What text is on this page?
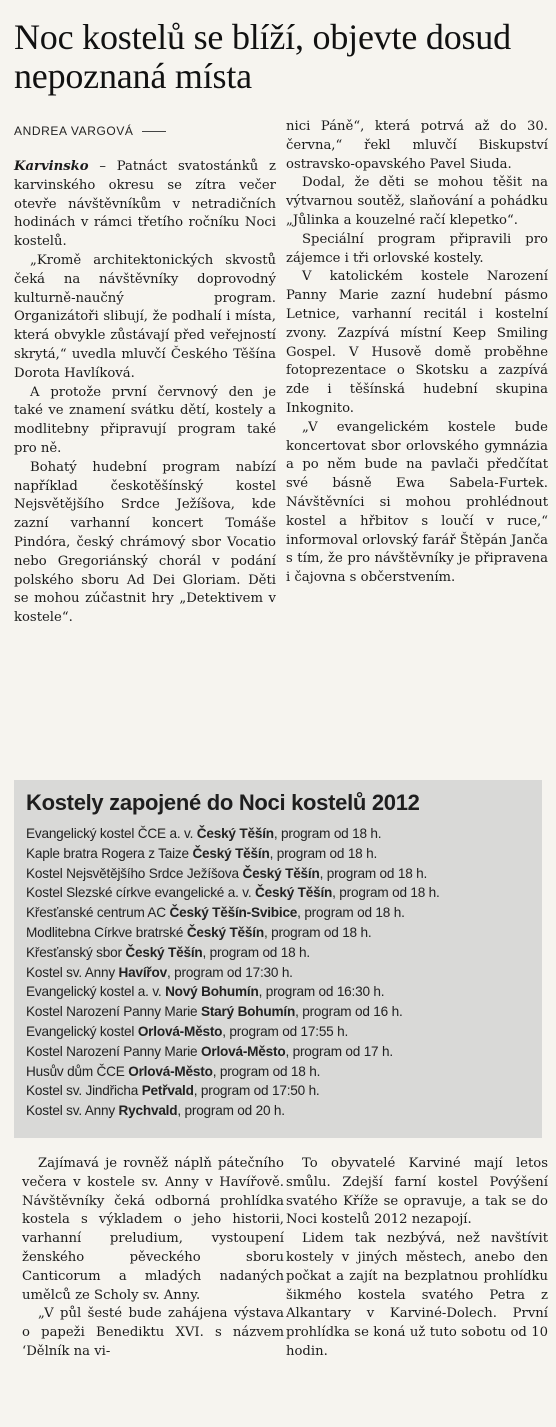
Noc kostelů se blíží, objevte dosud nepoznaná místa
ANDREA VARGOVÁ

Karvinsko – Patnáct svatostánků z karvinského okresu se zítra večer otevře návštěvníkům v netradičních hodinách v rámci třetího ročníku Noci kostelů.

„Kromě architektonických skvostů čeká na návštěvníky doprovodný kulturně-naučný program. Organizátoři slibují, že podhalí i místa, která obvykle zůstávají před veřejností skrytá,“ uvedla mluvčí Českého Těšína Dorota Havlíková.

A protože první červnový den je také ve znamení svátku dětí, kostely a modlitebny připravují program také pro ně.

Bohatý hudební program nabízí například českotěšínský kostel Nejsvětějšího Srdce Ježíšova, kde zazní varhanní koncert Tomáše Pindóra, český chrámový sbor Vocatio nebo Gregoriánský chorál v podání polského sboru Ad Dei Gloriam. Děti se mohou zúčastnit hry „Detektivem v kostele“.

nici Páně“, která potrvá až do 30. června,“ řekl mluvčí Biskupství ostravsko-opavského Pavel Siuda.

Dodal, že děti se mohou těšit na výtvarnou soutěž, slaňování a pohádku „Jůlinka a kouzelné račí klepetko“.

Speciální program připravili pro zájemce i tři orlovské kostely.

V katolickém kostele Narození Panny Marie zazní hudební pásmo Letnice, varhanní recitál i kostelní zvony. Zazpívá místní Keep Smiling Gospel. V Husově domě proběhne fotoprezentace o Skotsku a zazpívá zde i těšínská hudební skupina Inkognito.

„V evangelickém kostele bude koncertovat sbor orlovského gymnázia a po něm bude na pavlači předčítat své básně Ewa Sabela-Furtek. Návštěvníci si mohou prohlédnout kostel a hřbitov s loučí v ruce,“ informoval orlovský farář Štěpán Janča s tím, že pro návštěvníky je připravena i čajovna s občerstvením.

Kostely zapojené do Noci kostelů 2012
Evangelický kostel ČCE a. v. Český Těšín, program od 18 h.
Kaple bratra Rogera z Taize Český Těšín, program od 18 h.
Kostel Nejsvětějšího Srdce Ježíšova Český Těšín, program od 18 h.
Kostel Slezské církve evangelické a. v. Český Těšín, program od 18 h.
Křesťanské centrum AC Český Těšín-Svibice, program od 18 h.
Modlitebna Církve bratrské Český Těšín, program od 18 h.
Křesťanský sbor Český Těšín, program od 18 h.
Kostel sv. Anny Havířov, program od 17:30 h.
Evangelický kostel a. v. Nový Bohumín, program od 16:30 h.
Kostel Narození Panny Marie Starý Bohumín, program od 16 h.
Evangelický kostel Orlová-Město, program od 17:55 h.
Kostel Narození Panny Marie Orlová-Město, program od 17 h.
Husův dům ČCE Orlová-Město, program od 18 h.
Kostel sv. Jindřicha Petřvald, program od 17:50 h.
Kostel sv. Anny Rychvald, program od 20 h.

Zajímavá je rovněž náplň pátečního večera v kostele sv. Anny v Havířově. Návštěvníky čeká odborná prohlídka kostela s výkladem o jeho historii, varhanní preludium, vystoupení ženského pěveckého sboru Canticorum a mladých nadaných umělců ze Scholy sv. Anny.

„V půl šesté bude zahájena výstava o papeži Benediktu XVI. s názvem ‘Dělník na vi-

To obyvatelé Karviné mají letos smůlu. Zdejší farní kostel Povýšení svatého Kříže se opravuje, a tak se do Noci kostelů 2012 nezapojí.

Lidem tak nezbývá, než navštívit kostely v jiných městech, anebo den počkat a zajít na bezplatnou prohlídku šikmého kostela svatého Petra z Alkantary v Karviné-Dolech. První prohlídka se koná už tuto sobotu od 10 hodin.
